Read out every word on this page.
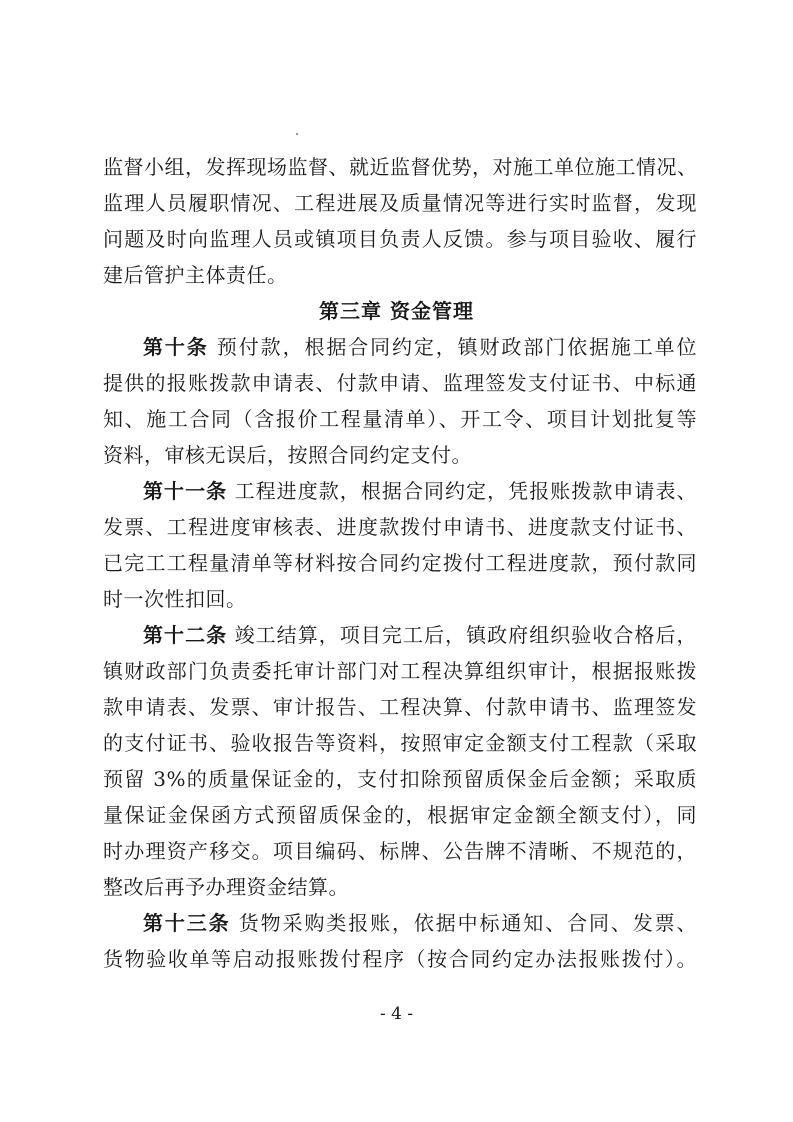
监督小组，发挥现场监督、就近监督优势，对施工单位施工情况、
监理人员履职情况、工程进展及质量情况等进行实时监督，发现
问题及时向监理人员或镇项目负责人反馈。参与项目验收、履行
建后管护主体责任。
第三章 资金管理
第十条 预付款，根据合同约定，镇财政部门依据施工单位
提供的报账拨款申请表、付款申请、监理签发支付证书、中标通
知、施工合同（含报价工程量清单）、开工令、项目计划批复等
资料，审核无误后，按照合同约定支付。
第十一条 工程进度款，根据合同约定，凭报账拨款申请表、
发票、工程进度审核表、进度款拨付申请书、进度款支付证书、
已完工工程量清单等材料按合同约定拨付工程进度款，预付款同
时一次性扣回。
第十二条 竣工结算，项目完工后，镇政府组织验收合格后，
镇财政部门负责委托审计部门对工程决算组织审计，根据报账拨
款申请表、发票、审计报告、工程决算、付款申请书、监理签发
的支付证书、验收报告等资料，按照审定金额支付工程款（采取
预留 3%的质量保证金的，支付扣除预留质保金后金额；采取质
量保证金保函方式预留质保金的，根据审定金额全额支付），同
时办理资产移交。项目编码、标牌、公告牌不清晰、不规范的，
整改后再予办理资金结算。
第十三条 货物采购类报账，依据中标通知、合同、发票、
货物验收单等启动报账拨付程序（按合同约定办法报账拨付）。
- 4 -
